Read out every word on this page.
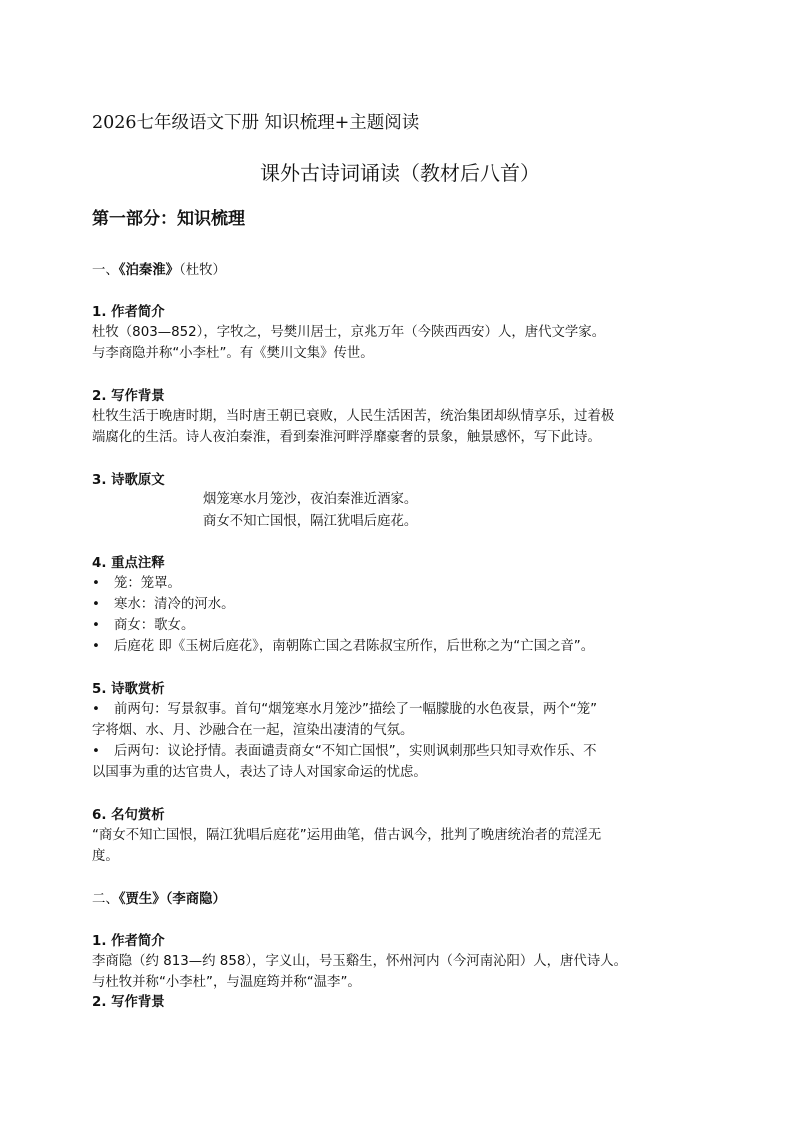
2026七年级语文下册 知识梳理+主题阅读
课外古诗词诵读（教材后八首）
第一部分：知识梳理
一、《泊秦淮》（杜牧）
1. 作者简介
杜牧（803—852），字牧之，号樊川居士，京兆万年（今陕西西安）人，唐代文学家。
与李商隐并称“小李杜”。有《樊川文集》传世。
2. 写作背景
杜牧生活于晚唐时期，当时唐王朝已衰败，人民生活困苦，统治集团却纵情享乐，过着极
端腐化的生活。诗人夜泊秦淮，看到秦淮河畔浮靡豪奢的景象，触景感怀，写下此诗。
3. 诗歌原文
烟笼寒水月笼沙，夜泊秦淮近酒家。
商女不知亡国恨，隔江犹唱后庭花。
4. 重点注释
• 笼：笼罩。
• 寒水：清冷的河水。
• 商女：歌女。
• 后庭花 即《玉树后庭花》，南朝陈亡国之君陈叔宝所作，后世称之为“亡国之音”。
5. 诗歌赏析
• 前两句：写景叙事。首句“烟笼寒水月笼沙”描绘了一幅朦胧的水色夜景，两个“笼”
字将烟、水、月、沙融合在一起，渲染出凄清的气氛。
• 后两句：议论抒情。表面谴责商女“不知亡国恨”，实则讽刺那些只知寻欢作乐、不
以国事为重的达官贵人，表达了诗人对国家命运的忧虑。
6. 名句赏析
“商女不知亡国恨，隔江犹唱后庭花”运用曲笔，借古讽今，批判了晚唐统治者的荒淫无
度。
二、《贾生》（李商隐）
1. 作者简介
李商隐（约 813—约 858），字义山，号玉谿生，怀州河内（今河南沁阳）人，唐代诗人。
与杜牧并称“小李杜”，与温庭筠并称“温李”。
2. 写作背景
